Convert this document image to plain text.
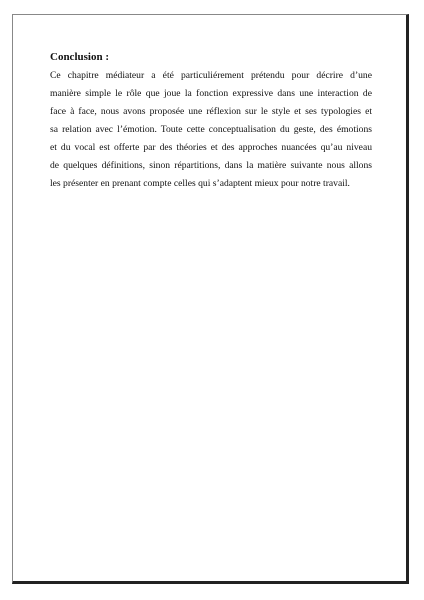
Conclusion :
Ce chapitre médiateur a été particuliérement prétendu pour décrire d’une
manière simple le rôle que joue la fonction expressive dans une interaction de
face à face, nous avons proposée une réflexion sur le style et ses typologies et
sa relation avec l’émotion. Toute cette conceptualisation du geste, des émotions
et du vocal est offerte par des théories et des approches nuancées qu’au niveau
de quelques définitions, sinon répartitions, dans la matière suivante nous allons
les présenter en prenant compte celles qui s’adaptent mieux pour notre travail.
